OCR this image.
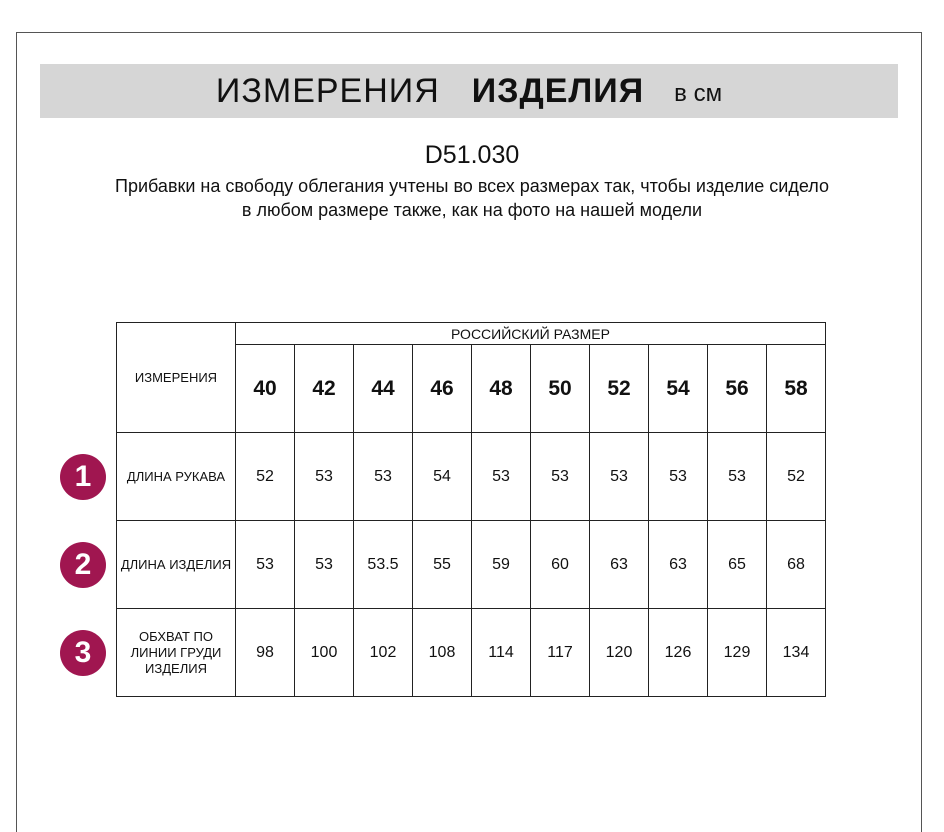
ИЗМЕРЕНИЯ ИЗДЕЛИЯ в см
D51.030
Прибавки на свободу облегания учтены во всех размерах так, чтобы изделие сидело в любом размере также, как на фото на нашей модели
ИЗМЕРЕНИЯ	РОССИЙСКИЙ РАЗМЕР									
	40	42	44	46	48	50	52	54	56	58
ДЛИНА РУКАВА	52	53	53	54	53	53	53	53	53	52
ДЛИНА ИЗДЕЛИЯ	53	53	53.5	55	59	60	63	63	65	68
ОБХВАТ ПО ЛИНИИ ГРУДИ ИЗДЕЛИЯ	98	100	102	108	114	117	120	126	129	134
1
2
3
